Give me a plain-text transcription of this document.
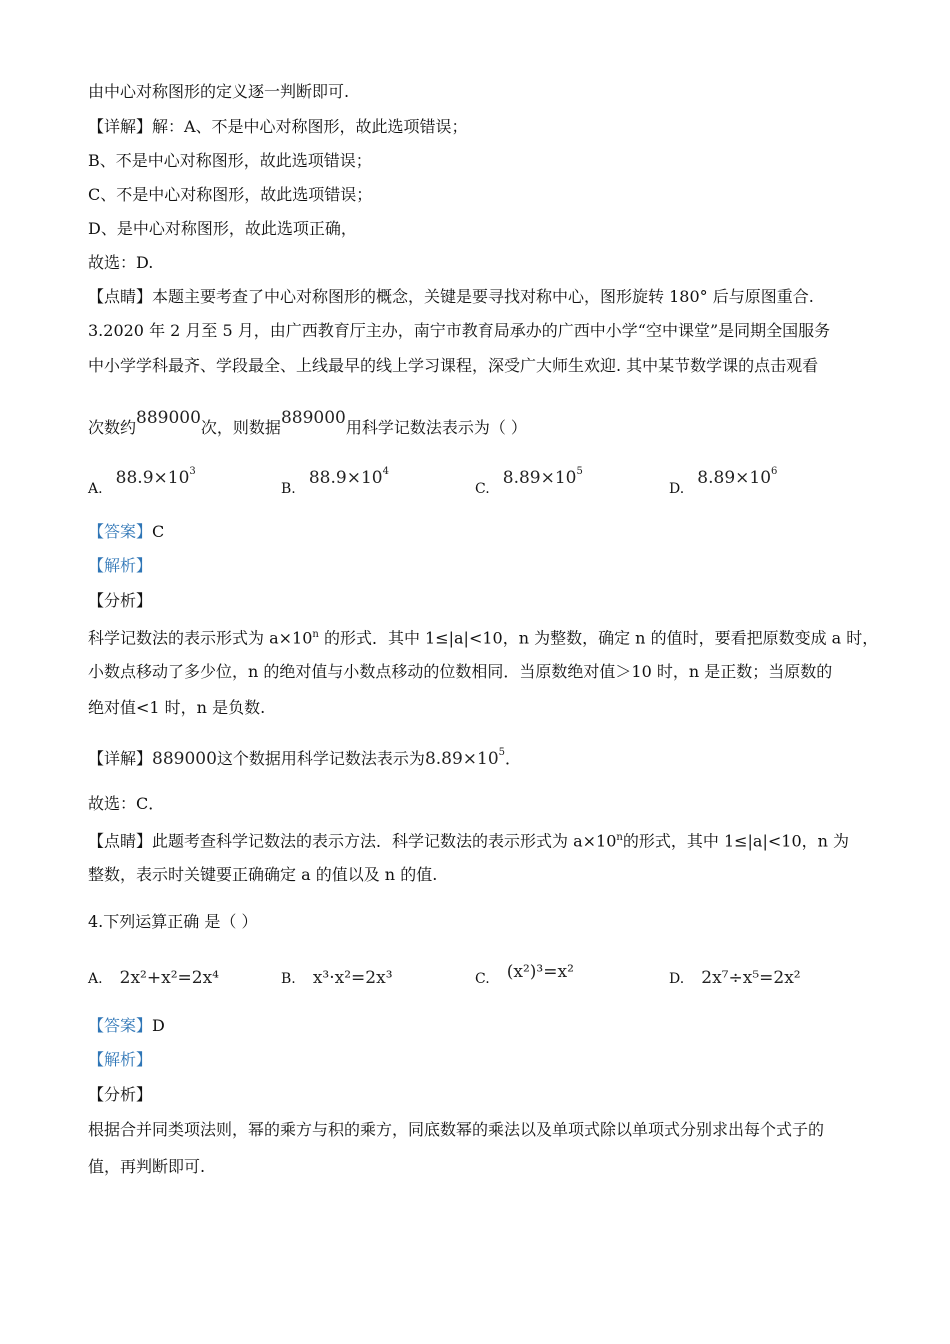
由中心对称图形的定义逐一判断即可.
【详解】解：A、不是中心对称图形，故此选项错误；
B、不是中心对称图形，故此选项错误；
C、不是中心对称图形，故此选项错误；
D、是中心对称图形，故此选项正确，
故选：D.
【点睛】本题主要考查了中心对称图形的概念，关键是要寻找对称中心，图形旋转 180° 后与原图重合.
3.2020 年 2 月至 5 月，由广西教育厅主办，南宁市教育局承办的广西中小学“空中课堂”是同期全国服务
中小学学科最齐、学段最全、上线最早的线上学习课程，深受广大师生欢迎. 其中某节数学课的点击观看
次数约889000次，则数据889000用科学记数法表示为（ ）
A. $88.9\times 10^3$
B. $88.9\times 10^4$
C. $8.89\times 10^5$
D. $8.89\times 10^6$
【答案】C
【解析】
【分析】
科学记数法的表示形式为 $a\times 10^n$ 的形式．其中 1≤|a|<10，n 为整数，确定 n 的值时，要看把原数变成 a 时，
小数点移动了多少位，n 的绝对值与小数点移动的位数相同．当原数绝对值＞10 时，n 是正数；当原数的
绝对值<1 时，n 是负数.
【详解】889000这个数据用科学记数法表示为$8.89\times 10^5$．
故选：C．
【点睛】此题考查科学记数法的表示方法．科学记数法的表示形式为 $a\times 10^n$的形式，其中 1≤|a|<10，n 为
整数，表示时关键要正确确定 a 的值以及 n 的值.
4.下列运算正确 是（ ）
A. 2x²+x²=2x⁴	B. x³·x²=2x³	C. (x²)³=x²	D. 2x⁷÷x⁵=2x²
【答案】D
【解析】
【分析】
根据合并同类项法则，幂的乘方与积的乘方，同底数幂的乘法以及单项式除以单项式分别求出每个式子的
值，再判断即可.
